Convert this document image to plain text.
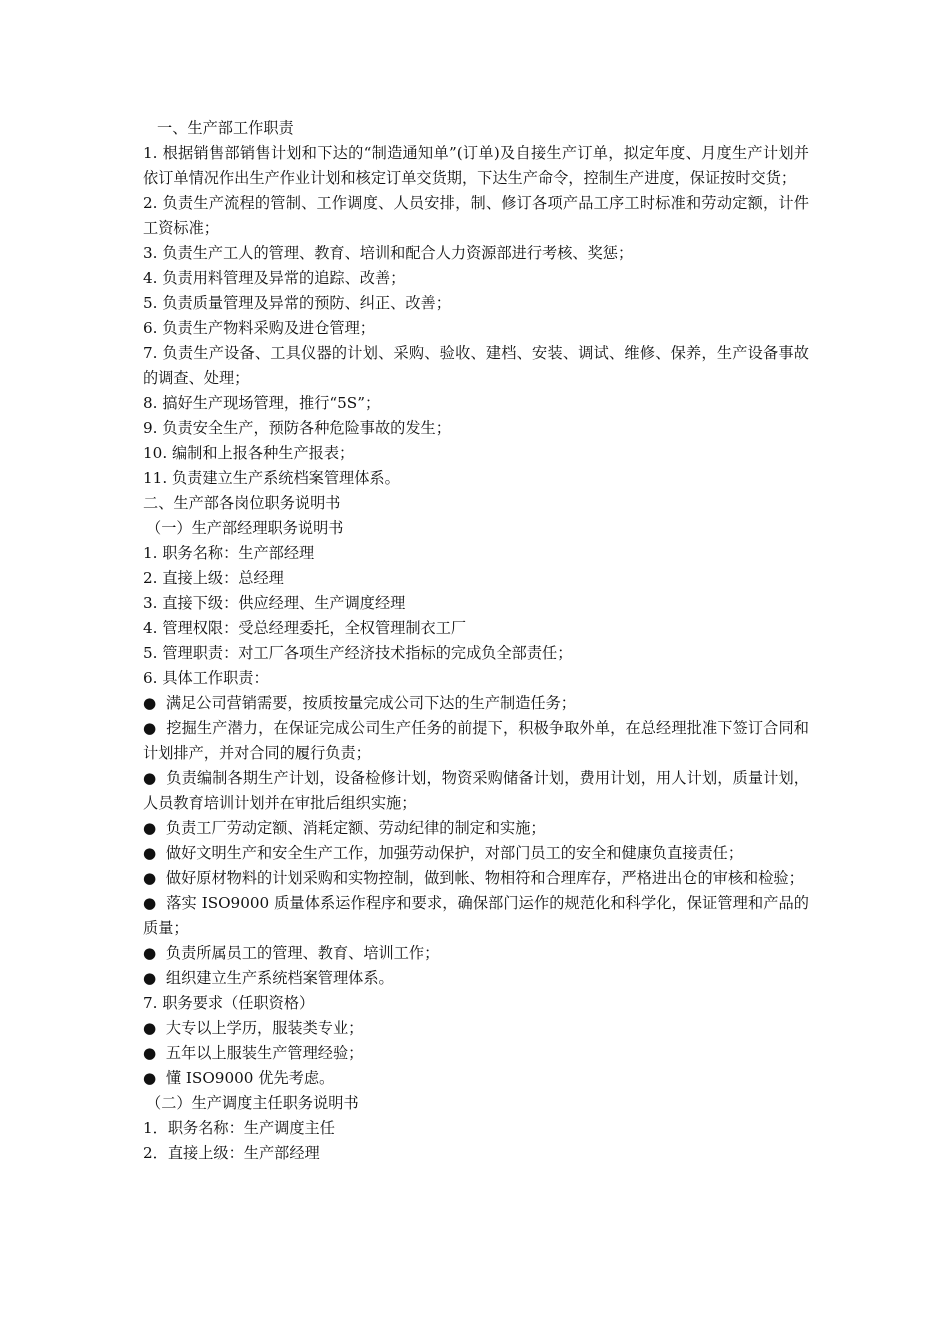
一、生产部工作职责
1. 根据销售部销售计划和下达的“制造通知单”(订单)及自接生产订单，拟定年度、月度生产计划并依订单情况作出生产作业计划和核定订单交货期，下达生产命令，控制生产进度，保证按时交货；
2. 负责生产流程的管制、工作调度、人员安排，制、修订各项产品工序工时标准和劳动定额，计件工资标准；
3. 负责生产工人的管理、教育、培训和配合人力资源部进行考核、奖惩；
4. 负责用料管理及异常的追踪、改善；
5. 负责质量管理及异常的预防、纠正、改善；
6. 负责生产物料采购及进仓管理；
7. 负责生产设备、工具仪器的计划、采购、验收、建档、安装、调试、维修、保养，生产设备事故的调查、处理；
8. 搞好生产现场管理，推行“5S”；
9. 负责安全生产，预防各种危险事故的发生；
10. 编制和上报各种生产报表；
11. 负责建立生产系统档案管理体系。
二、生产部各岗位职务说明书
（一）生产部经理职务说明书
1. 职务名称：生产部经理
2. 直接上级：总经理
3. 直接下级：供应经理、生产调度经理
4. 管理权限：受总经理委托，全权管理制衣工厂
5. 管理职责：对工厂各项生产经济技术指标的完成负全部责任；
6. 具体工作职责：
●  满足公司营销需要，按质按量完成公司下达的生产制造任务；
●  挖掘生产潜力，在保证完成公司生产任务的前提下，积极争取外单，在总经理批准下签订合同和计划排产，并对合同的履行负责；
●  负责编制各期生产计划，设备检修计划，物资采购储备计划，费用计划，用人计划，质量计划，人员教育培训计划并在审批后组织实施；
●  负责工厂劳动定额、消耗定额、劳动纪律的制定和实施；
●  做好文明生产和安全生产工作，加强劳动保护，对部门员工的安全和健康负直接责任；
●  做好原材物料的计划采购和实物控制，做到帐、物相符和合理库存，严格进出仓的审核和检验；
●  落实 ISO9000 质量体系运作程序和要求，确保部门运作的规范化和科学化，保证管理和产品的质量；
●  负责所属员工的管理、教育、培训工作；
●  组织建立生产系统档案管理体系。
7. 职务要求（任职资格）
●  大专以上学历，服装类专业；
●  五年以上服装生产管理经验；
●  懂 ISO9000 优先考虑。
（二）生产调度主任职务说明书
1．职务名称：生产调度主任
2．直接上级：生产部经理
